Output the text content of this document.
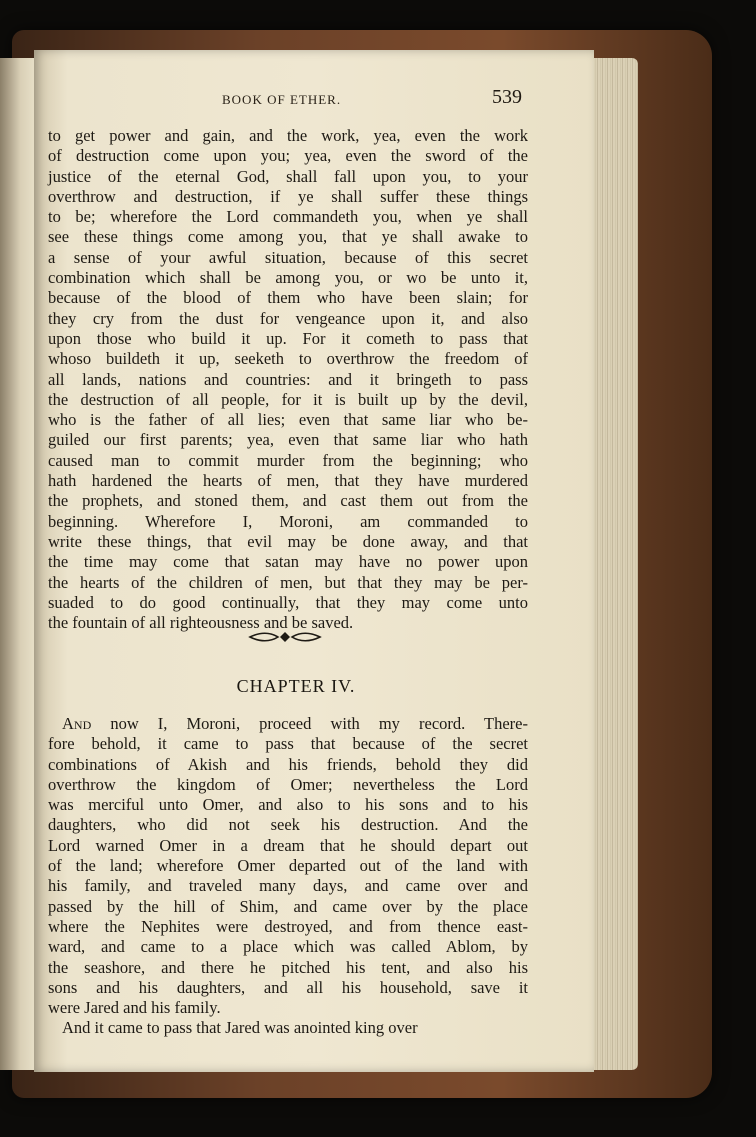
BOOK OF ETHER.	539
to get power and gain, and the work, yea, even the work
of destruction come upon you; yea, even the sword of the
justice of the eternal God, shall fall upon you, to your
overthrow and destruction, if ye shall suffer these things
to be; wherefore the Lord commandeth you, when ye shall
see these things come among you, that ye shall awake to
a sense of your awful situation, because of this secret
combination which shall be among you, or wo be unto it,
because of the blood of them who have been slain; for
they cry from the dust for vengeance upon it, and also
upon those who build it up. For it cometh to pass that
whoso buildeth it up, seeketh to overthrow the freedom of
all lands, nations and countries: and it bringeth to pass
the destruction of all people, for it is built up by the devil,
who is the father of all lies; even that same liar who be-
guiled our first parents; yea, even that same liar who hath
caused man to commit murder from the beginning; who
hath hardened the hearts of men, that they have murdered
the prophets, and stoned them, and cast them out from the
beginning. Wherefore I, Moroni, am commanded to
write these things, that evil may be done away, and that
the time may come that satan may have no power upon
the hearts of the children of men, but that they may be per-
suaded to do good continually, that they may come unto
the fountain of all righteousness and be saved.
CHAPTER IV.
And now I, Moroni, proceed with my record. There-
fore behold, it came to pass that because of the secret
combinations of Akish and his friends, behold they did
overthrow the kingdom of Omer; nevertheless the Lord
was merciful unto Omer, and also to his sons and to his
daughters, who did not seek his destruction. And the
Lord warned Omer in a dream that he should depart out
of the land; wherefore Omer departed out of the land with
his family, and traveled many days, and came over and
passed by the hill of Shim, and came over by the place
where the Nephites were destroyed, and from thence east-
ward, and came to a place which was called Ablom, by
the seashore, and there he pitched his tent, and also his
sons and his daughters, and all his household, save it
were Jared and his family.
And it came to pass that Jared was anointed king over
